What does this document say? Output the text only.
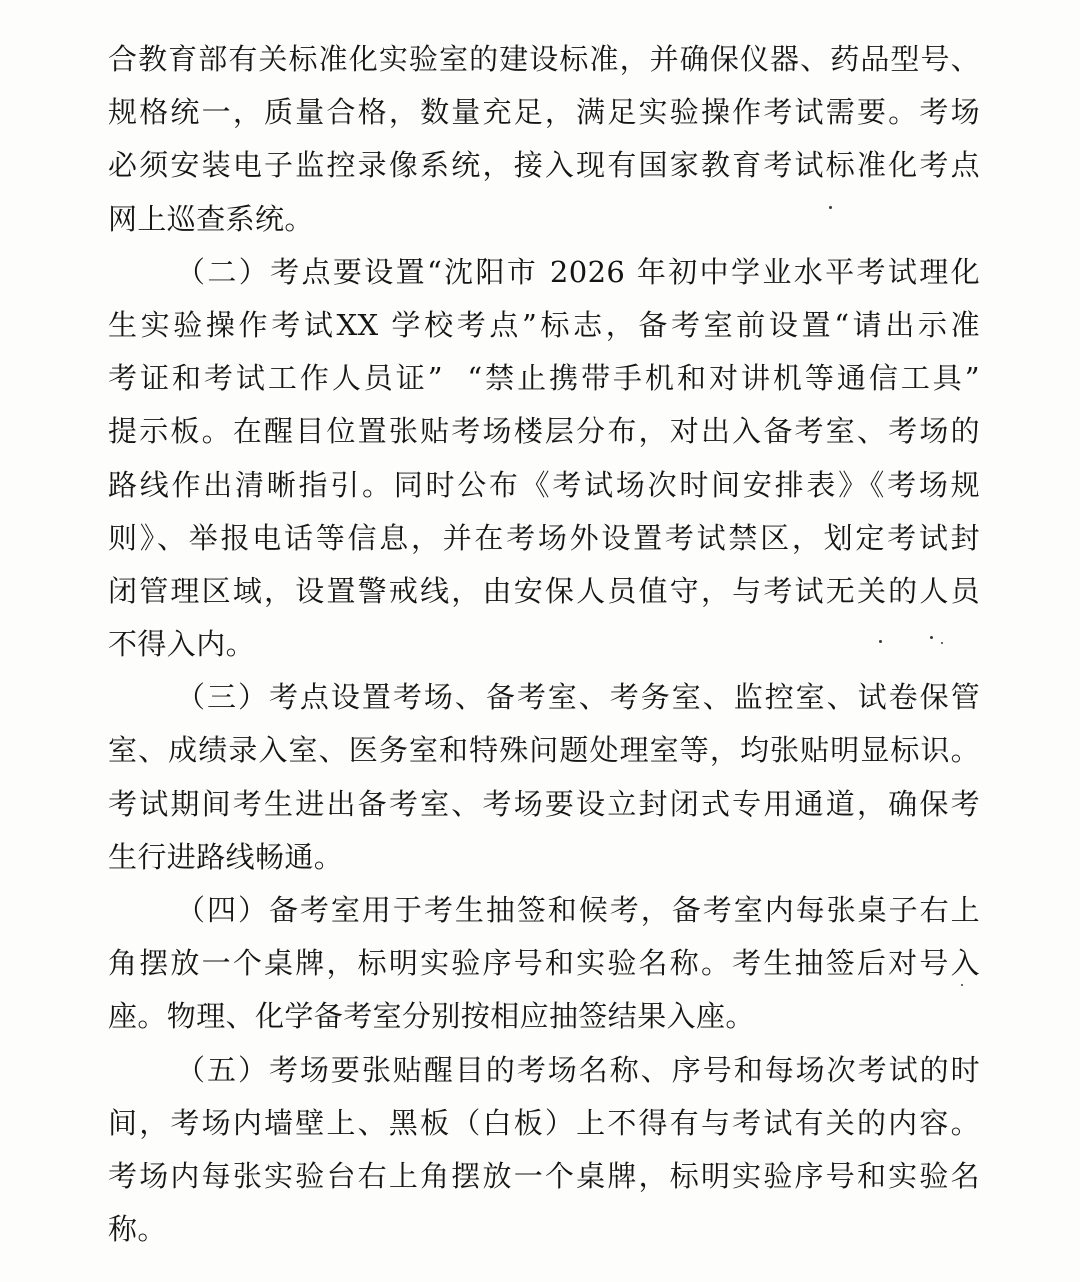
合教育部有关标准化实验室的建设标准，并确保仪器、药品型号、
规格统一，质量合格，数量充足，满足实验操作考试需要。考场
必须安装电子监控录像系统，接入现有国家教育考试标准化考点
网上巡查系统。
（二）考点要设置“沈阳市 2026 年初中学业水平考试理化
生实验操作考试XX 学校考点”标志，备考室前设置“请出示准
考证和考试工作人员证”  “禁止携带手机和对讲机等通信工具”
提示板。在醒目位置张贴考场楼层分布，对出入备考室、考场的
路线作出清晰指引。同时公布《考试场次时间安排表》《考场规
则》、举报电话等信息，并在考场外设置考试禁区，划定考试封
闭管理区域，设置警戒线，由安保人员值守，与考试无关的人员
不得入内。
（三）考点设置考场、备考室、考务室、监控室、试卷保管
室、成绩录入室、医务室和特殊问题处理室等，均张贴明显标识。
考试期间考生进出备考室、考场要设立封闭式专用通道，确保考
生行进路线畅通。
（四）备考室用于考生抽签和候考，备考室内每张桌子右上
角摆放一个桌牌，标明实验序号和实验名称。考生抽签后对号入
座。物理、化学备考室分别按相应抽签结果入座。
（五）考场要张贴醒目的考场名称、序号和每场次考试的时
间，考场内墙壁上、黑板（白板）上不得有与考试有关的内容。
考场内每张实验台右上角摆放一个桌牌，标明实验序号和实验名
称。
